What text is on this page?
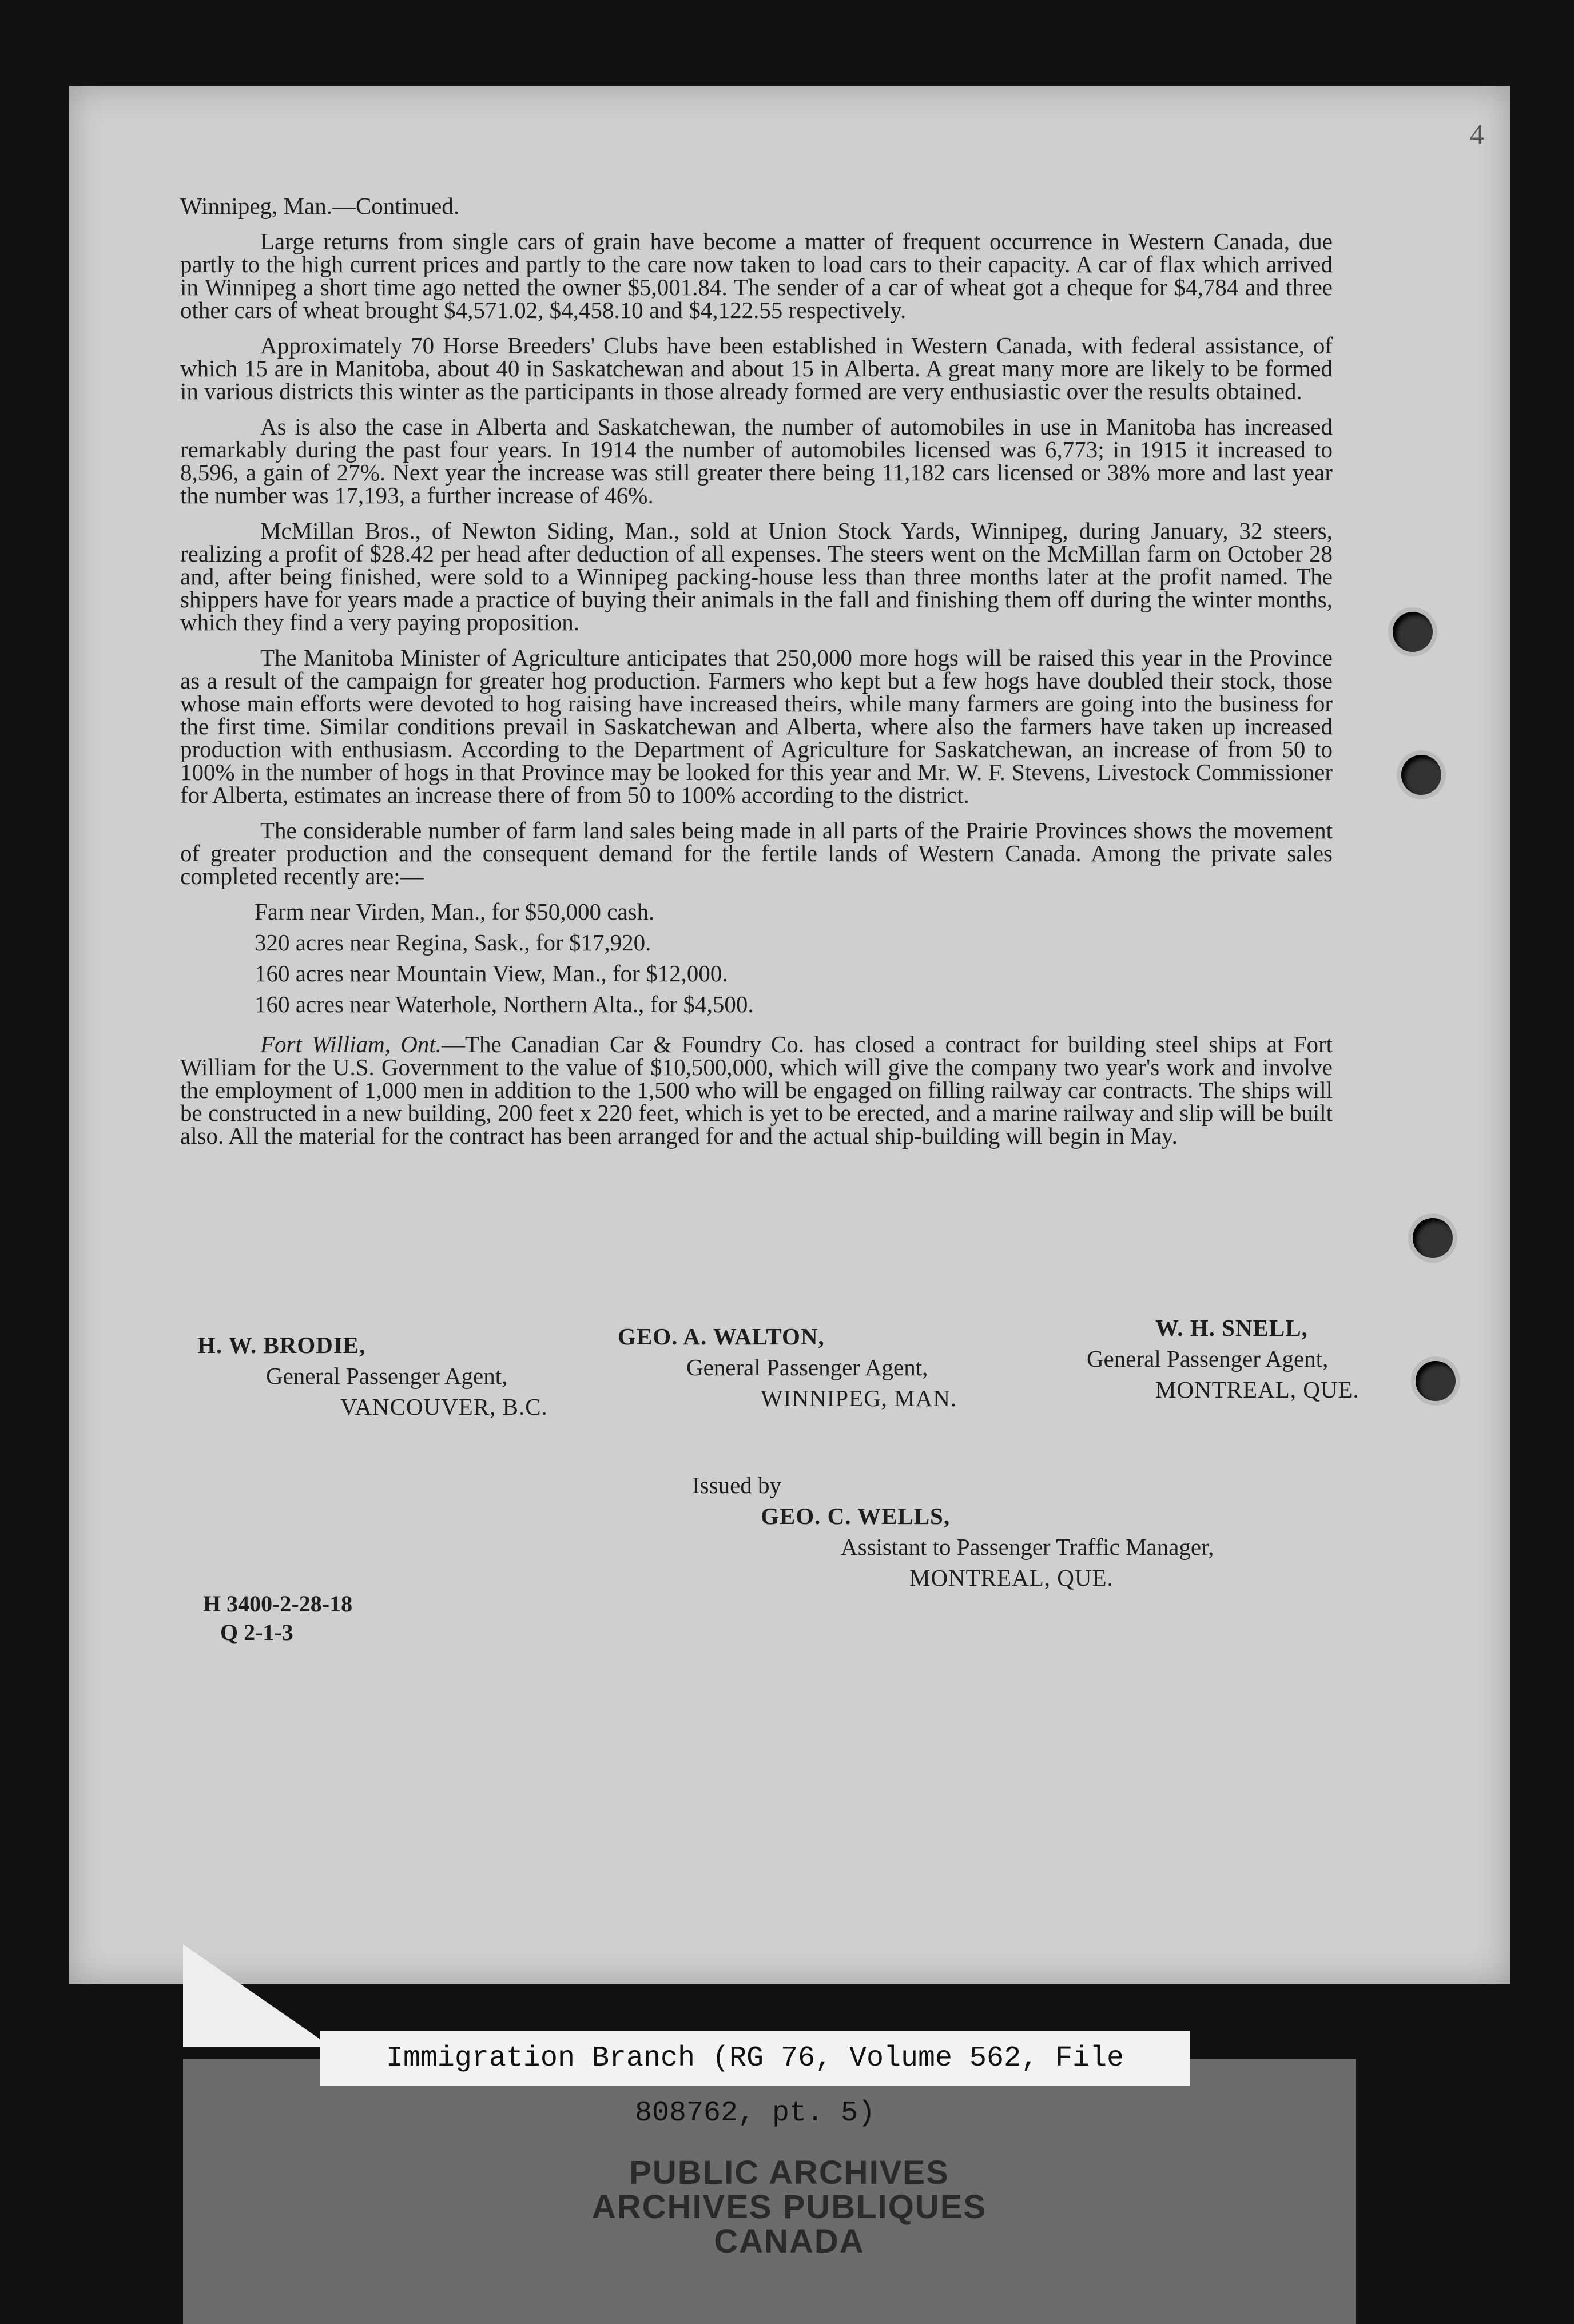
4

Winnipeg, Man.—Continued.

Large returns from single cars of grain have become a matter of frequent occurrence in Western Canada, due partly to the high current prices and partly to the care now taken to load cars to their capacity. A car of flax which arrived in Winnipeg a short time ago netted the owner $5,001.84. The sender of a car of wheat got a cheque for $4,784 and three other cars of wheat brought $4,571.02, $4,458.10 and $4,122.55 respectively.

Approximately 70 Horse Breeders' Clubs have been established in Western Canada, with federal assistance, of which 15 are in Manitoba, about 40 in Saskatchewan and about 15 in Alberta. A great many more are likely to be formed in various districts this winter as the participants in those already formed are very enthusiastic over the results obtained.

As is also the case in Alberta and Saskatchewan, the number of automobiles in use in Manitoba has increased remarkably during the past four years. In 1914 the number of automobiles licensed was 6,773; in 1915 it increased to 8,596, a gain of 27%. Next year the increase was still greater there being 11,182 cars licensed or 38% more and last year the number was 17,193, a further increase of 46%.

McMillan Bros., of Newton Siding, Man., sold at Union Stock Yards, Winnipeg, during January, 32 steers, realizing a profit of $28.42 per head after deduction of all expenses. The steers went on the McMillan farm on October 28 and, after being finished, were sold to a Winnipeg packing-house less than three months later at the profit named. The shippers have for years made a practice of buying their animals in the fall and finishing them off during the winter months, which they find a very paying proposition.

The Manitoba Minister of Agriculture anticipates that 250,000 more hogs will be raised this year in the Province as a result of the campaign for greater hog production. Farmers who kept but a few hogs have doubled their stock, those whose main efforts were devoted to hog raising have increased theirs, while many farmers are going into the business for the first time. Similar conditions prevail in Saskatchewan and Alberta, where also the farmers have taken up increased production with enthusiasm. According to the Department of Agriculture for Saskatchewan, an increase of from 50 to 100% in the number of hogs in that Province may be looked for this year and Mr. W. F. Stevens, Livestock Commissioner for Alberta, estimates an increase there of from 50 to 100% according to the district.

The considerable number of farm land sales being made in all parts of the Prairie Provinces shows the movement of greater production and the consequent demand for the fertile lands of Western Canada. Among the private sales completed recently are:—

Farm near Virden, Man., for $50,000 cash.
320 acres near Regina, Sask., for $17,920.
160 acres near Mountain View, Man., for $12,000.
160 acres near Waterhole, Northern Alta., for $4,500.

Fort William, Ont.—The Canadian Car & Foundry Co. has closed a contract for building steel ships at Fort William for the U.S. Government to the value of $10,500,000, which will give the company two year's work and involve the employment of 1,000 men in addition to the 1,500 who will be engaged on filling railway car contracts. The ships will be constructed in a new building, 200 feet x 220 feet, which is yet to be erected, and a marine railway and slip will be built also. All the material for the contract has been arranged for and the actual ship-building will begin in May.

H. W. BRODIE,
General Passenger Agent,
VANCOUVER, B.C.
GEO. A. WALTON,
General Passenger Agent,
WINNIPEG, MAN.
W. H. SNELL,
General Passenger Agent,
MONTREAL, QUE.
Issued by
GEO. C. WELLS,
Assistant to Passenger Traffic Manager,
MONTREAL, QUE.
H 3400-2-28-18
Q 2-1-3
Immigration Branch (RG 76, Volume 562, File 808762, pt. 5)
PUBLIC ARCHIVES
ARCHIVES PUBLIQUES
CANADA
